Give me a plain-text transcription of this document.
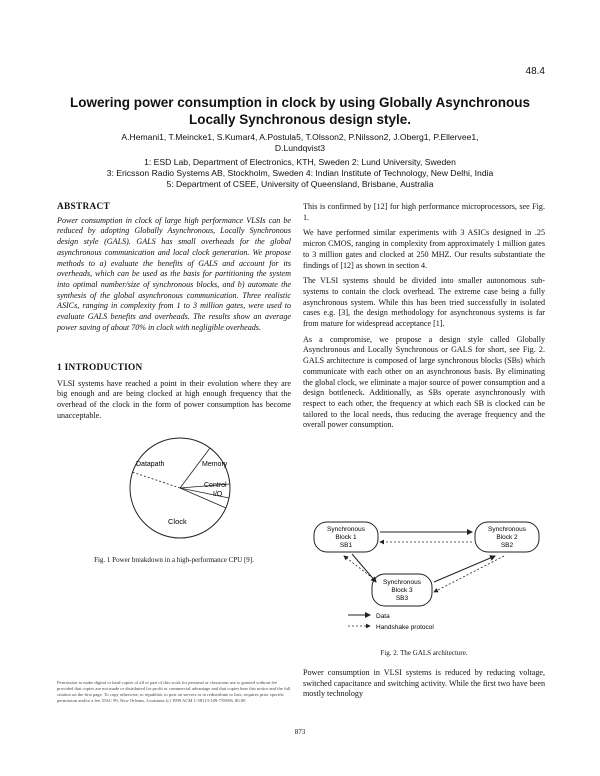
48.4
Lowering power consumption in clock by using Globally Asynchronous
Locally Synchronous design style.
A.Hemani1, T.Meincke1, S.Kumar4, A.Postula5, T.Olsson2, P.Nilsson2, J.Oberg1, P.Ellervee1,
D.Lundqvist3
1: ESD Lab, Department of Electronics, KTH, Sweden 2: Lund University, Sweden
3: Ericsson Radio Systems AB, Stockholm, Sweden 4: Indian Institute of Technology, New Delhi, India
5: Department of CSEE, University of Queensland, Brisbane, Australia
ABSTRACT

Power consumption in clock of large high performance VLSIs can be reduced by adopting Globally Asynchronous, Locally Synchronous design style (GALS). GALS has small overheads for the global asynchronous communication and local clock generation. We propose methods to a) evaluate the benefits of GALS and account for its overheads, which can be used as the basis for partitioning the system into optimal number/size of synchronous blocks, and b) automate the synthesis of the global asynchronous communication. Three realistic ASICs, ranging in complexity from 1 to 3 million gates, were used to evaluate GALS benefits and overheads. The results show an average power saving of about 70% in clock with negligible overheads.

1 INTRODUCTION

VLSI systems have reached a point in their evolution where they are big enough and are being clocked at high enough frequency that the overhead of the clock in the form of power consumption has become unacceptable.

Datapath	Memory
Control
I/O
Clock
Fig. 1 Power breakdown in a high-performance CPU [9].
Permission to make digital or hard copies of all or part of this work for personal or classroom use is granted without fee provided that copies are not made or distributed for profit or commercial advantage and that copies bear this notice and the full citation on the first page. To copy otherwise, to republish, to post on servers or to redistribute to lists, requires prior specific permission and/or a fee. DAC 99, New Orleans, Louisiana (c) 1999 ACM 1-58113-109-7/99/06..$5.00

This is confirmed by [12] for high performance microprocessors, see Fig. 1.

We have performed similar experiments with 3 ASICs designed in .25 micron CMOS, ranging in complexity from approximately 1 million gates to 3 million gates and clocked at 250 MHZ. Our results substantiate the findings of [12] as shown in section 4.

The VLSI systems should be divided into smaller autonomous sub-systems to contain the clock overhead. The extreme case being a fully asynchronous system. While this has been tried successfully in isolated cases e.g. [3], the design methodology for asynchronous systems is far from mature for widespread acceptance [1].

As a compromise, we propose a design style called Globally Asynchronous and Locally Synchronous or GALS for short, see Fig. 2. GALS architecture is composed of large synchronous blocks (SBs) which communicate with each other on an asynchronous basis. By eliminating the global clock, we eliminate a major source of power consumption and a design bottleneck. Additionally, as SBs operate asynchronously with respect to each other, the frequency at which each SB is clocked can be tailored to the local needs, thus reducing the average frequency and the overall power consumption.

Synchronous
Block 1
SB1
Synchronous
Block 2
SB2
Synchronous
Block 3
SB3
Data
Handshake protocol
Fig. 2. The GALS architecture.
Power consumption in VLSI systems is reduced by reducing voltage, switched capacitance and switching activity. While the first two have been mostly technology
873
